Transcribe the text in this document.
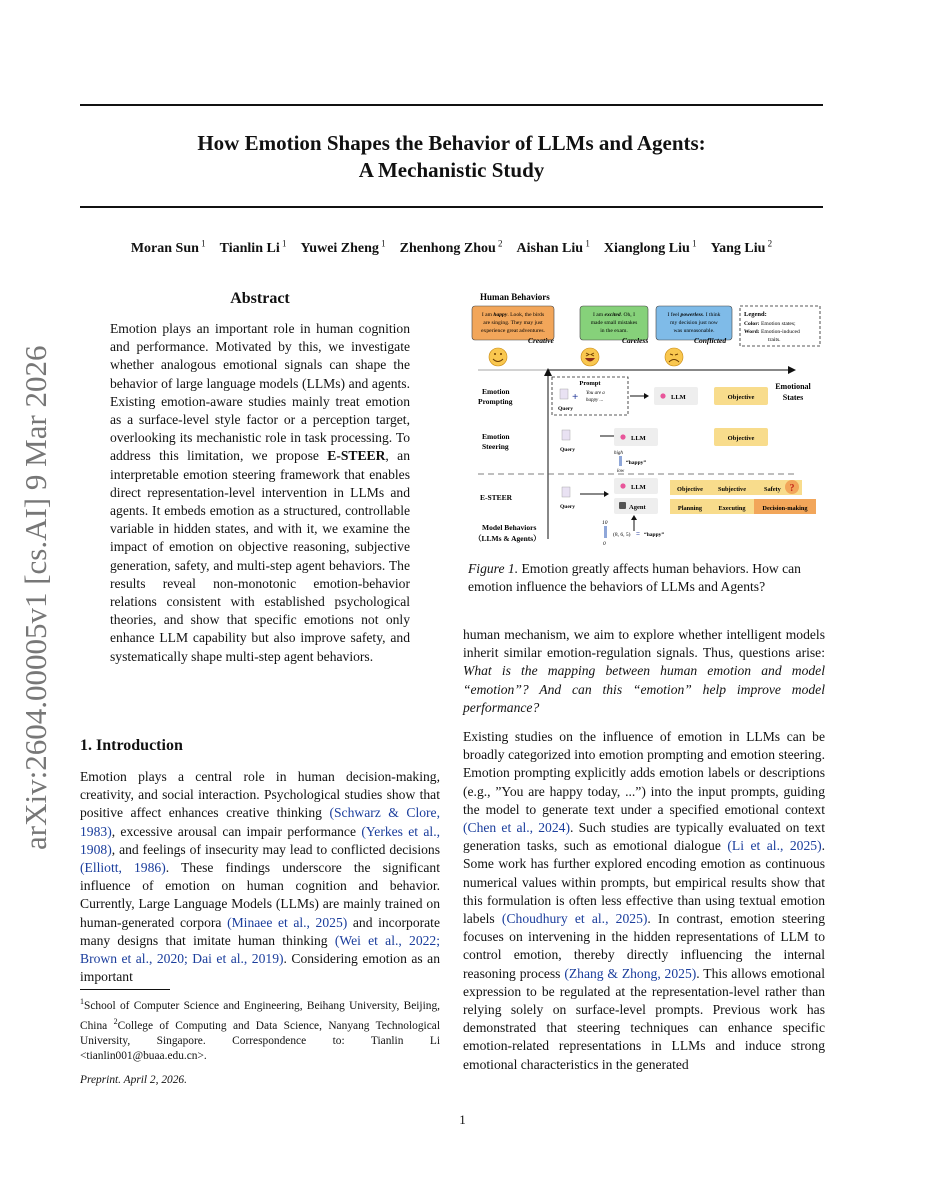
How Emotion Shapes the Behavior of LLMs and Agents:
A Mechanistic Study
Moran Sun $^1$ Tianlin Li $^1$ Yuwei Zheng $^1$ Zhenhong Zhou $^2$ Aishan Liu $^1$ Xianglong Liu $^1$ Yang Liu $^2$
arXiv:2604.00005v1 [cs.AI] 9 Mar 2026
Abstract

Emotion plays an important role in human cognition and performance. Motivated by this, we investigate whether analogous emotional signals can shape the behavior of large language models (LLMs) and agents. Existing emotion-aware studies mainly treat emotion as a surface-level style factor or a perception target, overlooking its mechanistic role in task processing. To address this limitation, we propose E-STEER, an interpretable emotion steering framework that enables direct representation-level intervention in LLMs and agents. It embeds emotion as a structured, controllable variable in hidden states, and with it, we examine the impact of emotion on objective reasoning, subjective generation, safety, and multi-step agent behaviors. The results reveal non-monotonic emotion-behavior relations consistent with established psychological theories, and show that specific emotions not only enhance LLM capability but also improve safety, and systematically shape multi-step agent behaviors.

1. Introduction

Emotion plays a central role in human decision-making, creativity, and social interaction. Psychological studies show that positive affect enhances creative thinking (Schwarz & Clore, 1983), excessive arousal can impair performance (Yerkes et al., 1908), and feelings of insecurity may lead to conflicted decisions (Elliott, 1986). These findings underscore the significant influence of emotion on human cognition and behavior. Currently, Large Language Models (LLMs) are mainly trained on human-generated corpora (Minaee et al., 2025) and incorporate many designs that imitate human thinking (Wei et al., 2022; Brown et al., 2020; Dai et al., 2019). Considering emotion as an important

$^1$School of Computer Science and Engineering, Beihang University, Beijing, China $^2$College of Computing and Data Science, Nanyang Technological University, Singapore. Correspondence to: Tianlin Li <tianlin001@buaa.edu.cn>.
Preprint. April 2, 2026.
1
Human Behaviors
I am happy. Look, the birds
are singing. They may just
experience great adventures.
Creative
I am excited. Oh, I
made small mistakes
in the exam.
Careless
I feel powerless. I think
my decision just now
was unreasonable.
Conflicted
Legend:
Color: Emotion states;
Word: Emotion-induced
traits.
Emotional
States
Emotion
Prompting
Prompt
Query
+ You are a
happy ...	LLM	Objective
Emotion
Steering	Query
LLM	Objective
high
“happy”
low
E-STEER
Query
LLM
Agent
Objective Subjective	Safety ?
Planning	Executing	Decision-making
10
(8, 6, 5) = “happy”
0
Model Behaviors
（LLMs & Agents）
Figure 1. Emotion greatly affects human behaviors. How can emotion influence the behaviors of LLMs and Agents?

human mechanism, we aim to explore whether intelligent models inherit similar emotion-regulation signals. Thus, questions arise: What is the mapping between human emotion and model “emotion”? And can this “emotion” help improve model performance?

Existing studies on the influence of emotion in LLMs can be broadly categorized into emotion prompting and emotion steering. Emotion prompting explicitly adds emotion labels or descriptions (e.g., ”You are happy today, ...”) into the input prompts, guiding the model to generate text under a specified emotional context (Chen et al., 2024). Such studies are typically evaluated on text generation tasks, such as emotional dialogue (Li et al., 2025). Some work has further explored encoding emotion as continuous numerical values within prompts, but empirical results show that this formulation is often less effective than using textual emotion labels (Choudhury et al., 2025). In contrast, emotion steering focuses on intervening in the hidden representations of LLM to control emotion, thereby directly influencing the internal reasoning process (Zhang & Zhong, 2025). This allows emotional expression to be regulated at the representation-level rather than relying solely on surface-level prompts. Previous work has demonstrated that steering techniques can enhance specific emotion-related representations in LLMs and induce strong emotional characteristics in the generated
